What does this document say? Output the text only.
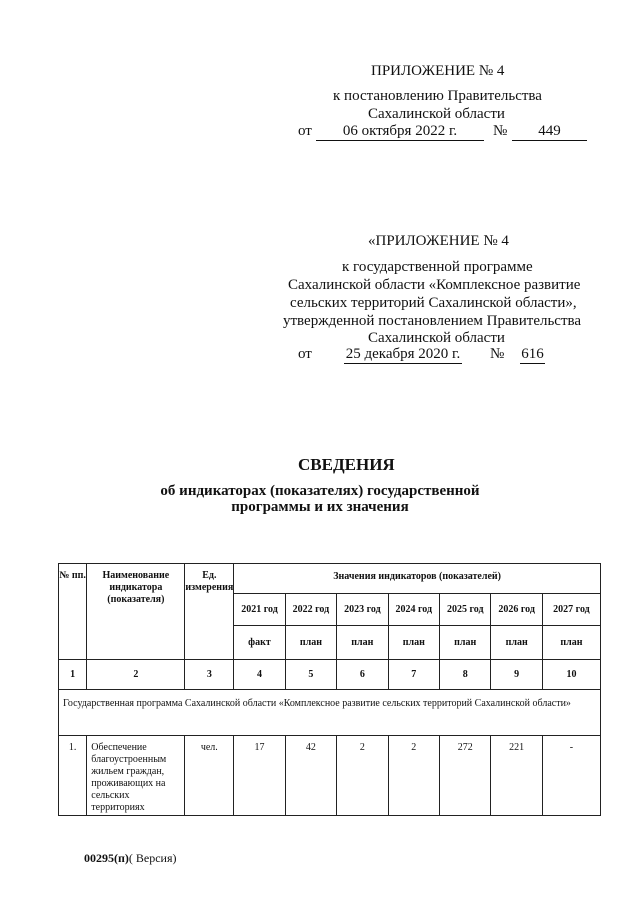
ПРИЛОЖЕНИЕ № 4
к постановлению Правительства
Сахалинской области
от	06 октября 2022 г.	№	449
«ПРИЛОЖЕНИЕ № 4
к государственной программе
Сахалинской области «Комплексное развитие
сельских территорий Сахалинской области»,
утвержденной постановлением Правительства
Сахалинской области
от 25 декабря 2020 г. № 616
СВЕДЕНИЯ
об индикаторах (показателях) государственной
программы и их значения
№ пп.	Наименование индикатора (показателя)	Ед. измерения	Значения индикаторов (показателей)						
			2021 год	2022 год	2023 год	2024 год	2025 год	2026 год	2027 год
			факт	план	план	план	план	план	план
1	2	3	4	5	6	7	8	9	10
Государственная программа Сахалинской области «Комплексное развитие сельских территорий Сахалинской области»									
1.	Обеспечение благоустроенным жильем граждан, проживающих на сельских территориях	чел.	17	42	2	2	272	221	-
00295(п)( Версия)
